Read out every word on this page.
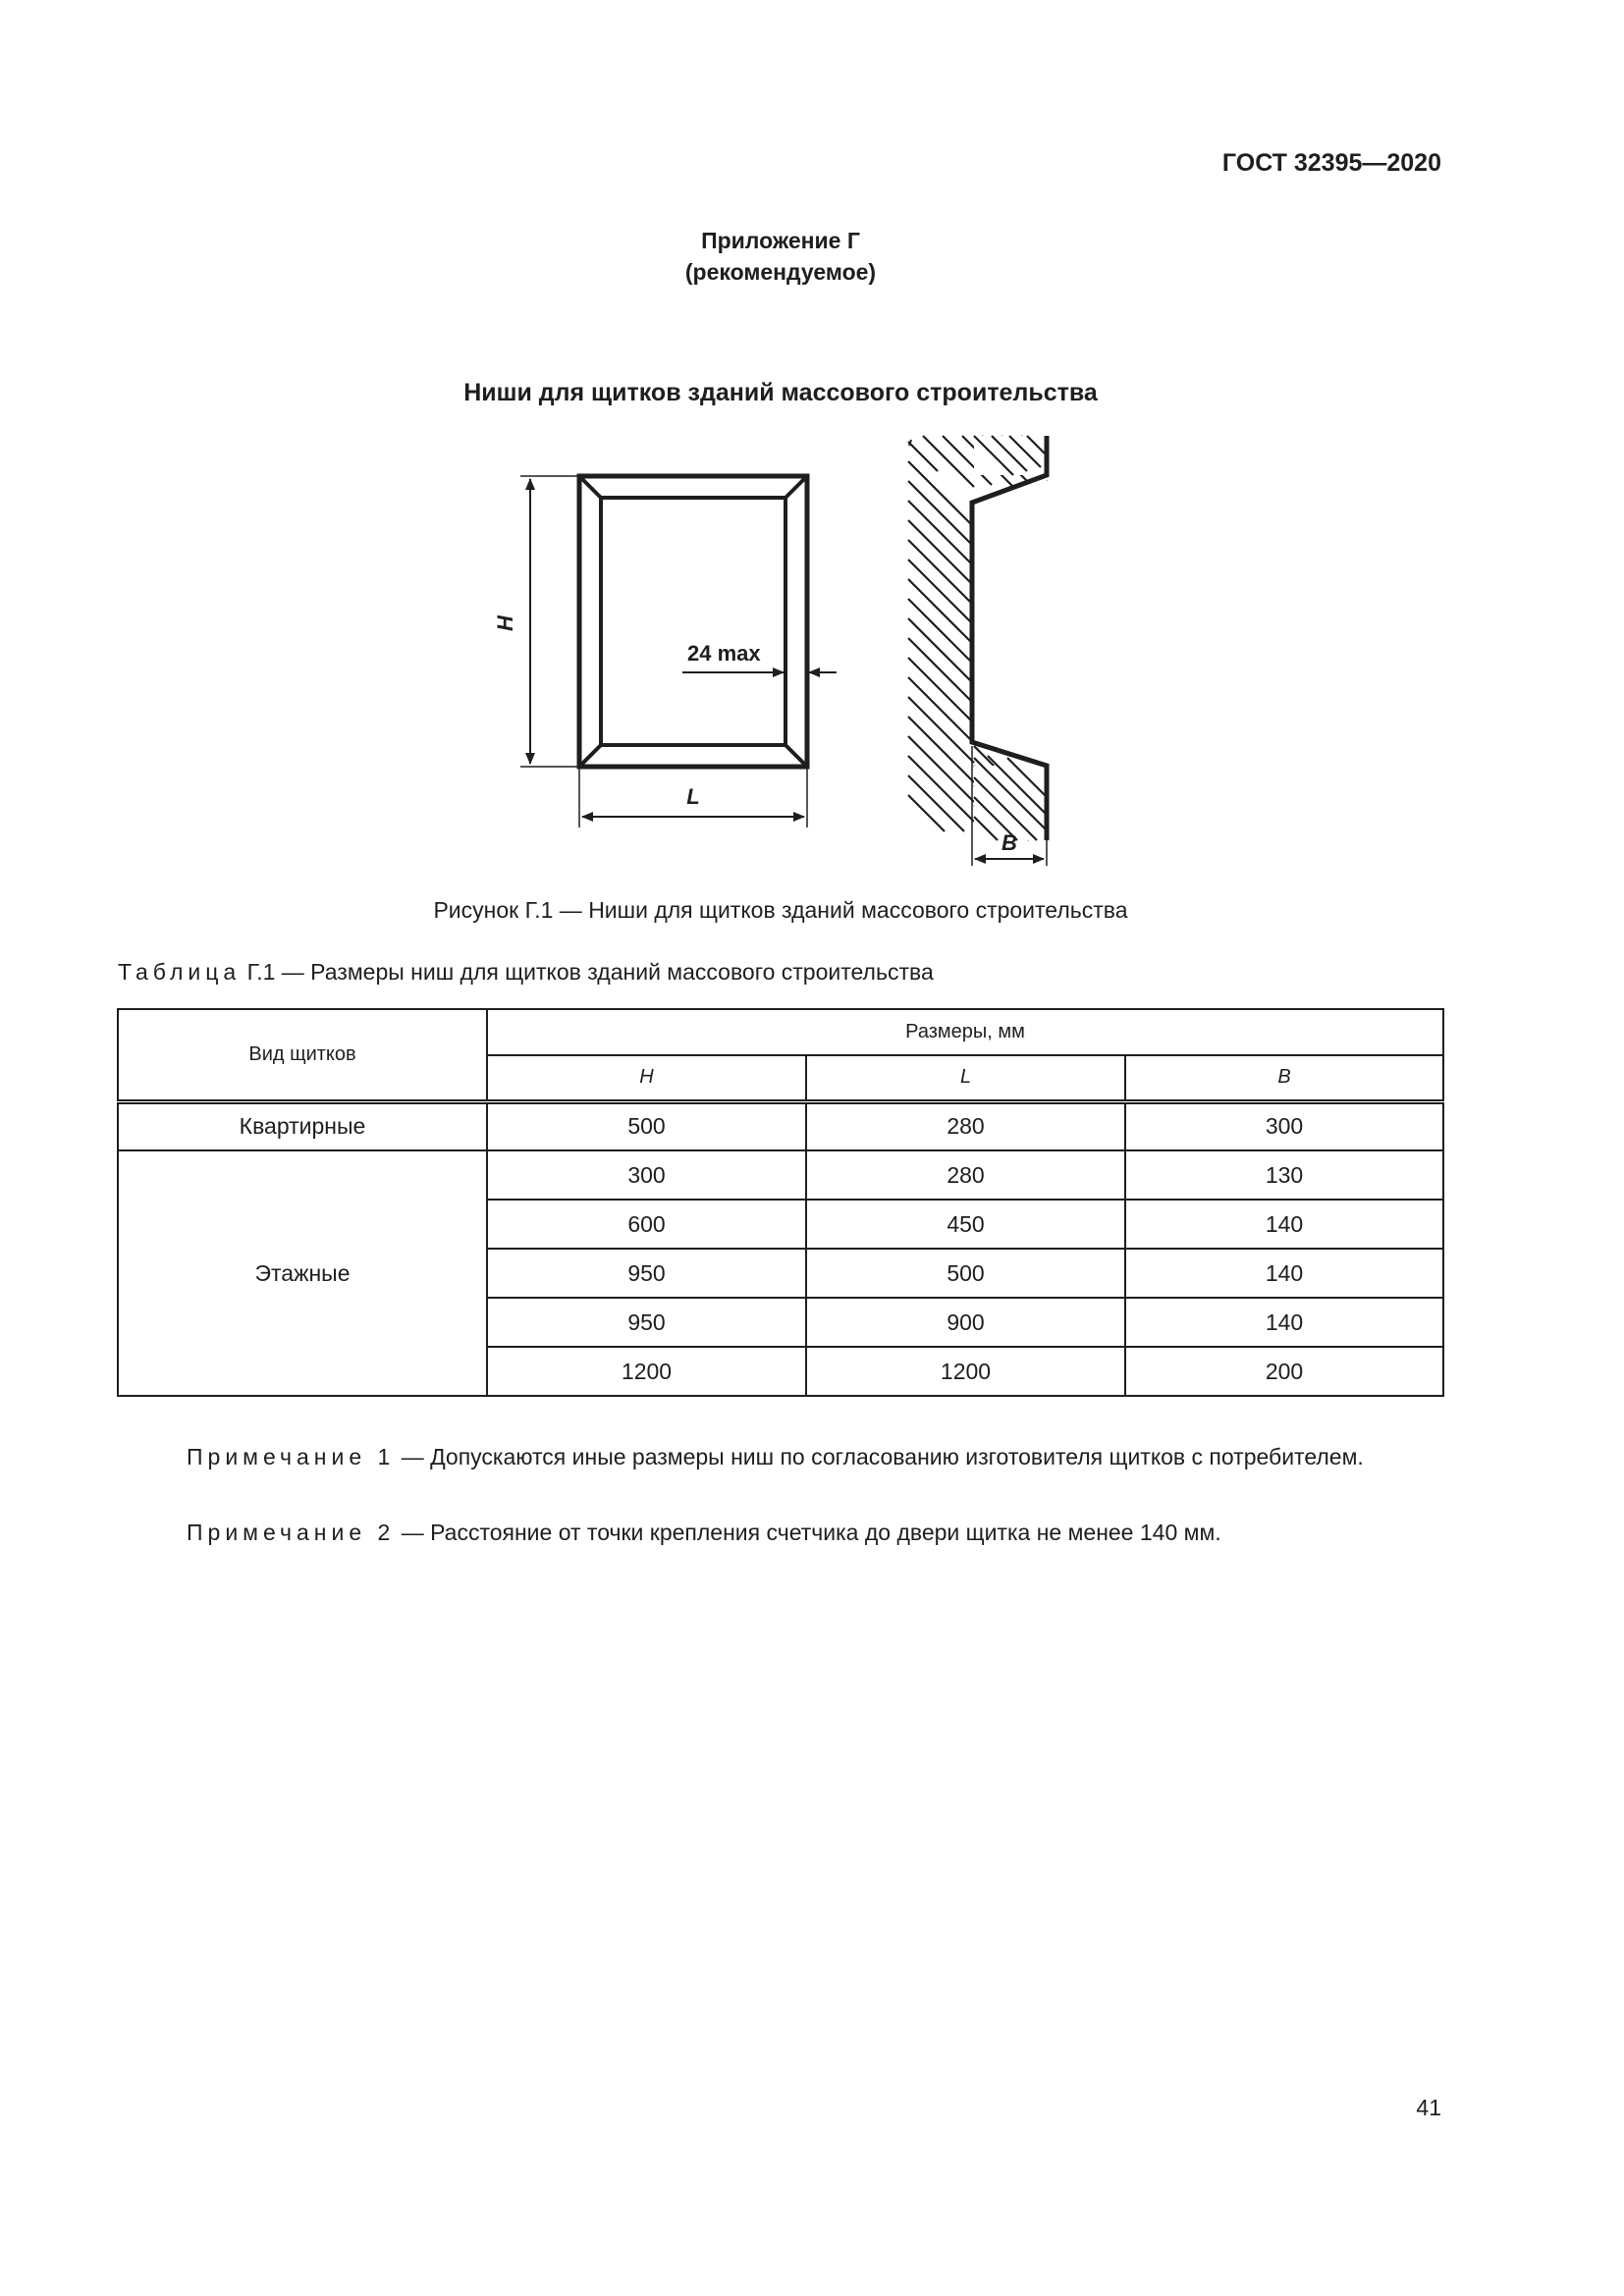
ГОСТ 32395—2020
Приложение Г
(рекомендуемое)
Ниши для щитков зданий массового строительства
H
L
24 max
B
Рисунок Г.1 — Ниши для щитков зданий массового строительства
Таблица Г.1 — Размеры ниш для щитков зданий массового строительства
Вид щитков	Размеры, мм		
	H	L	B
Квартирные	500	280	300
Этажные	300	280	130
	600	450	140
	950	500	140
	950	900	140
	1200	1200	200
Примечание 1 — Допускаются иные размеры ниш по согласованию изготовителя щитков с потребителем.
Примечание 2 — Расстояние от точки крепления счетчика до двери щитка не менее 140 мм.
41
